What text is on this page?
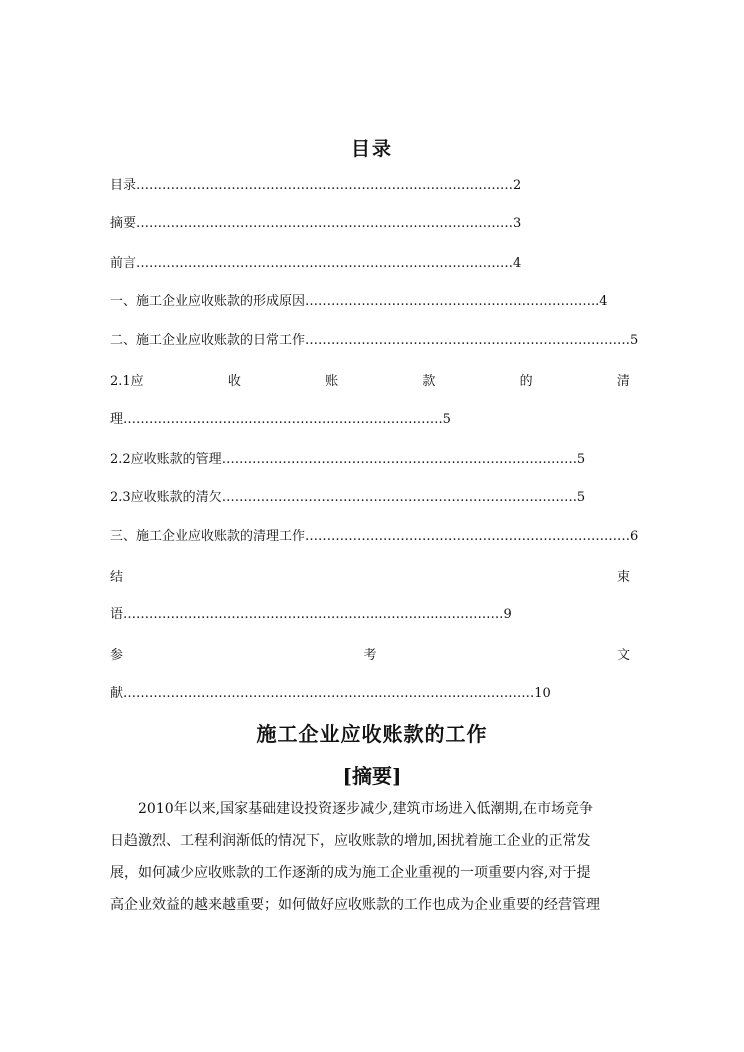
目录
目录……………………………………………………………………………2
摘要……………………………………………………………………………3
前言……………………………………………………………………………4
一、施工企业应收账款的形成原因…………………………………………………………..4
二、施工企业应收账款的日常工作…………………………………………………………………5
2.1应	收	账	款	的	清
理………………………..………………..…………………….5
2.2应收账款的管理……………………………………………………………………….5
2.3应收账款的清欠……………………………………………………………………….5
三、施工企业应收账款的清理工作…………………………………………………………………6
结	束
语…………………………………………………..…………..……………9
参	考	文
献…………………………………………………..………………………………10
施工企业应收账款的工作
[摘要]

　　2010年以来,国家基础建设投资逐步减少,建筑市场进入低潮期,在市场竞争

日趋激烈、工程利润渐低的情况下，应收账款的增加,困扰着施工企业的正常发

展，如何减少应收账款的工作逐渐的成为施工企业重视的一项重要内容,对于提

高企业效益的越来越重要；如何做好应收账款的工作也成为企业重要的经营管理
